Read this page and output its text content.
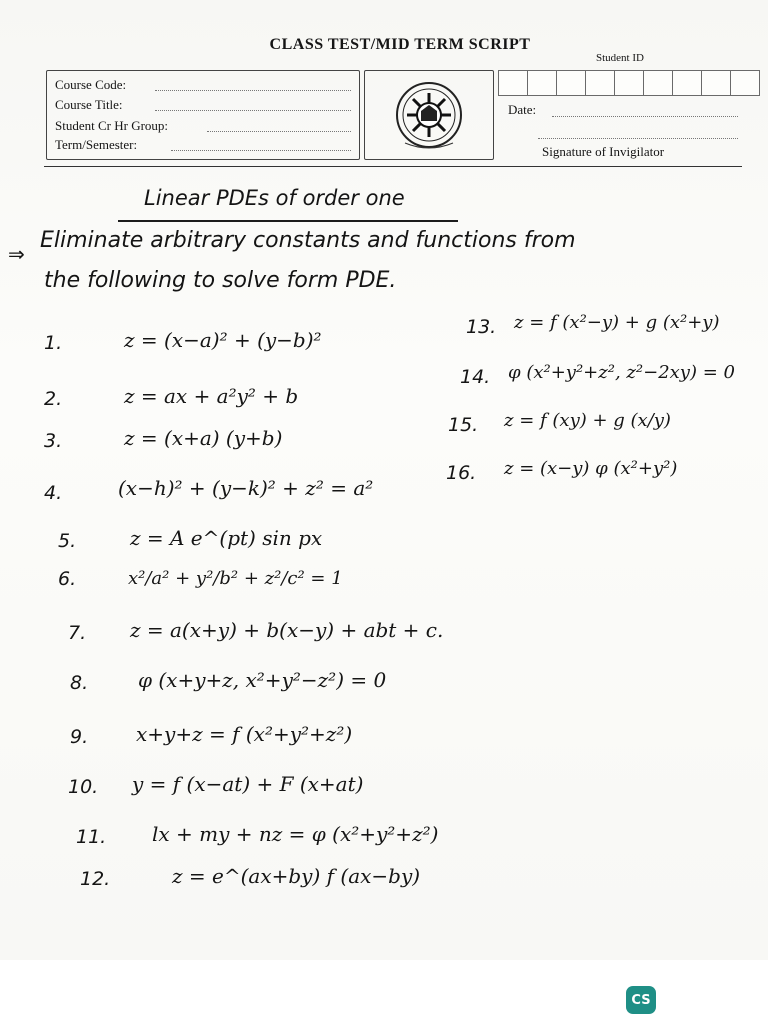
CLASS TEST/MID TERM SCRIPT
Student ID
Course Code:
Course Title:
Student Cr Hr Group:
Term/Semester:
Date:
Signature of Invigilator
Linear PDEs of order one
⇒
Eliminate arbitrary constants and functions from
the following to solve form PDE.
1.	z = (x−a)² + (y−b)²
2.	z = ax + a²y² + b
3.	z = (x+a) (y+b)
4.	(x−h)² + (y−k)² + z² = a²
5.	z = A e^(pt) sin px
6.	x²/a² + y²/b² + z²/c² = 1
7. z = a(x+y) + b(x−y) + abt + c.
8. φ (x+y+z, x²+y²−z²) = 0
9. x+y+z = f (x²+y²+z²)
10. y = f (x−at) + F (x+at)
11. lx + my + nz = φ (x²+y²+z²)
12.	z = e^(ax+by) f (ax−by)
13. z = f (x²−y) + g (x²+y)
14. φ (x²+y²+z², z²−2xy) = 0
15. z = f (xy) + g (x/y)
16. z = (x−y) φ (x²+y²)
CS
